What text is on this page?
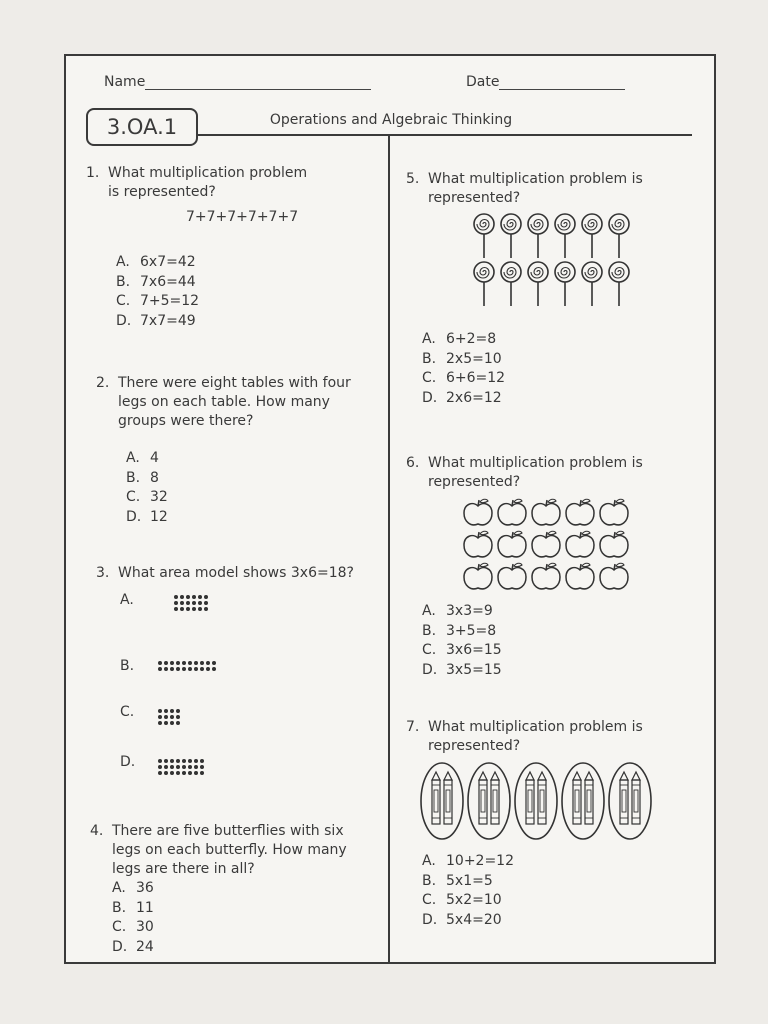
Name	Date
3.OA.1	Operations and Algebraic Thinking
1. What multiplication problem is represented?
7+7+7+7+7+7
A. 6x7=42
B. 7x6=44
C. 7+5=12
D. 7x7=49
2. There were eight tables with four legs on each table. How many groups were there?
A. 4
B. 8
C. 32
D. 12
3. What area model shows 3x6=18?
A.
B.
C.
D.
4. There are five butterflies with six legs on each butterfly. How many legs are there in all?
A. 36
B. 11
C. 30
D. 24
5. What multiplication problem is represented?
A. 6+2=8
B. 2x5=10
C. 6+6=12
D. 2x6=12
6. What multiplication problem is represented?
A. 3x3=9
B. 3+5=8
C. 3x6=15
D. 3x5=15
7. What multiplication problem is represented?
A. 10+2=12
B. 5x1=5
C. 5x2=10
D. 5x4=20
